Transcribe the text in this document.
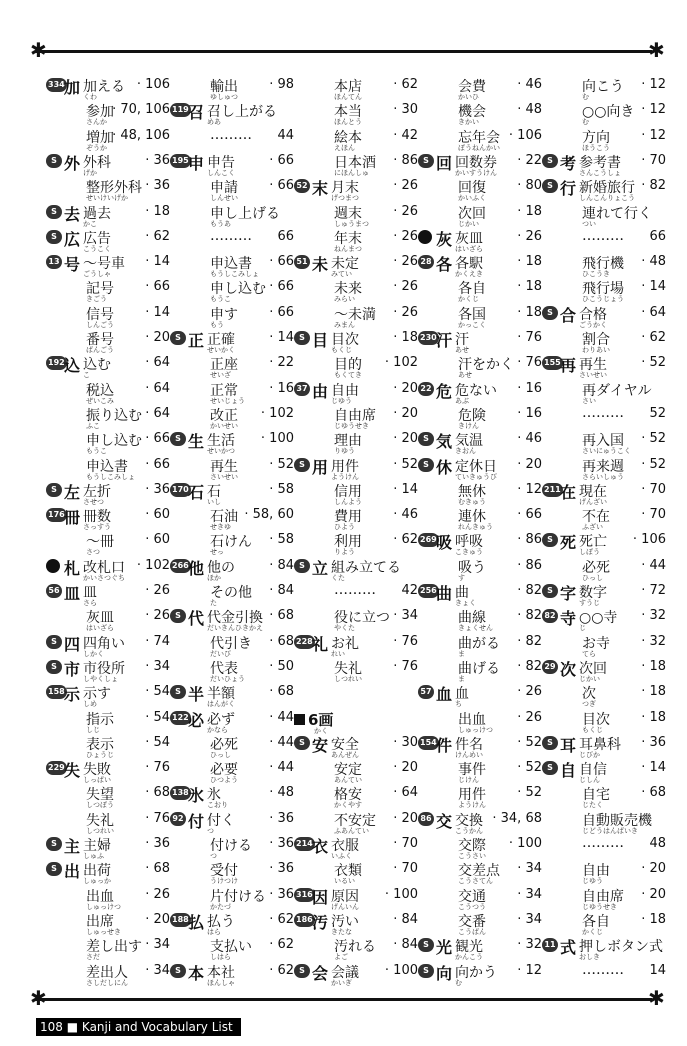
✱	✱
334 加 加える
くわ
· 106
参加
さんか
· 70, 106
増加
ぞうか
· 48, 106
S 外 外科
げか
· 36
整形外科
せいけいげか
· 36
S 去 過去
かこ
· 18
S 広 広告
こうこく
· 62
13 号 〜号車
ごうしゃ
· 14
記号
きごう
· 66
信号
しんごう
· 14
番号
ばんごう
· 20
192 込 込む
こ
· 64
税込
ぜいこみ
· 64
振り込む
ふこ
· 64
申し込む
もうこ
· 66
申込書
もうしこみしょ
· 66
S 左 左折
させつ
· 36
176 冊 冊数
さっすう
· 60
〜冊
さつ
· 60
札 改札口
かいさつぐち
· 102
56 皿 皿
さら
· 26
灰皿
はいざら
· 26
S 四 四角い
しかく
· 74
S 市 市役所
しやくしょ
· 34
158 示 示す
しめ
· 54
指示
しじ
· 54
表示
ひょうじ
· 54
229 失 失敗
しっぱい
· 76
失望
しつぼう
· 68
失礼
しつれい
· 76
S 主 主婦
しゅふ
· 36
S 出 出荷
しゅっか
· 68
出血
しゅっけつ
· 26
出席
しゅっせき
· 20
差し出す
さだ
· 34
差出人
さしだしにん
· 34
輸出
ゆしゅつ
· 98
119 召 召し上がる
めあ
……… 44
195 申 申告
しんこく
· 66
申請
しんせい
· 66
申し上げる
もうあ
……… 66
申込書
もうしこみしょ
· 66
申し込む
もうこ
· 66
申す
もう
· 66
S 正 正確
せいかく
· 14
正座
せいざ
· 22
正常
せいじょう
· 16
改正
かいせい
· 102
S 生 生活
せいかつ
· 100
再生
さいせい
· 52
170 石 石
いし
· 58
石油
せきゆ
· 58, 60
石けん
せっ
· 58
266 他 他の
ほか
· 84
その他
た
· 84
S 代 代金引換
だいきんひきかえ
· 68
代引き
だいび
· 68
代表
だいひょう
· 50
S 半 半額
はんがく
· 68
122 必 必ず
かなら
· 44
必死
ひっし
· 44
必要
ひつよう
· 44
138 氷 氷
こおり
· 48
92 付 付く
つ
· 36
付ける
つ
· 36
受付
うけつけ
· 36
片付ける
かたづ
· 36
188 払 払う
はら
· 62
支払い
しはら
· 62
S 本 本社
ほんしゃ
· 62
本店
ほんてん
· 62
本当
ほんとう
· 30
絵本
えほん
· 42
日本酒
にほんしゅ
· 86
52 末 月末
げつまつ
· 26
週末
しゅうまつ
· 26
年末
ねんまつ
· 26
51 未 未定
みてい
· 26
未来
みらい
· 26
〜未満
みまん
· 26
S 目 目次
もくじ
· 18
目的
もくてき
· 102
37 由 自由
じゆう
· 20
自由席
じゆうせき
· 20
理由
りゆう
· 20
S 用 用件
ようけん
· 52
信用
しんよう
· 14
費用
ひよう
· 46
利用
りよう
· 62
S 立 組み立てる
くた
……… 42
役に立つ
やくた
· 34
228 礼 お礼
れい
· 76
失礼
しつれい
· 76
6画
かく
S 安 安全
あんぜん
· 30
安定
あんてい
· 20
格安
かくやす
· 64
不安定
ふあんてい
· 20
214 衣 衣服
いふく
· 70
衣類
いるい
· 70
316 因 原因
げんいん
· 100
186 汚 汚い
きたな
· 84
汚れる
よご
· 84
S 会 会議
かいぎ
· 100
会費
かいひ
· 46
機会
きかい
· 48
忘年会
ぼうねんかい
· 106
S 回 回数券
かいすうけん
· 22
回復
かいふく
· 80
次回
じかい
· 18
灰 灰皿
はいざら
· 26
28 各 各駅
かくえき
· 18
各自
かくじ
· 18
各国
かっこく
· 18
230 汗 汗
あせ
· 76
汗をかく
あせ
· 76
22 危 危ない
あぶ
· 16
危険
きけん
· 16
S 気 気温
きおん
· 46
S 休 定休日
ていきゅうび
· 20
無休
むきゅう
· 12
連休
れんきゅう
· 66
269 吸 呼吸
こきゅう
· 86
吸う
す
· 86
256 曲 曲
きょく
· 82
曲線
きょくせん
· 82
曲がる
ま
· 82
曲げる
ま
· 82
57 血 血
ち
· 26
出血
しゅっけつ
· 26
154 件 件名
けんめい
· 52
事件
じけん
· 52
用件
ようけん
· 52
86 交 交換
こうかん
· 34, 68
交際
こうさい
· 100
交差点
こうさてん
· 34
交通
こうつう
· 34
交番
こうばん
· 34
S 光 観光
かんこう
· 32
S 向 向かう
む
· 12
向こう
む
· 12
○○向き
む
· 12
方向
ほうこう
· 12
S 考 参考書
さんこうしょ
· 70
S 行 新婚旅行
しんこんりょこう
· 82
連れて行く
つい
……… 66
飛行機
ひこうき
· 48
飛行場
ひこうじょう
· 14
S 合 合格
ごうかく
· 64
割合
わりあい
· 62
155 再 再生
さいせい
· 52
再ダイヤル
さい
……… 52
再入国
さいにゅうこく
· 52
再来週
さらいしゅう
· 52
211 在 現在
げんざい
· 70
不在
ふざい
· 70
S 死 死亡
しぼう
· 106
必死
ひっし
· 44
S 字 数字
すうじ
· 72
82 寺 ○○寺
じ
· 32
お寺
てら
· 32
29 次 次回
じかい
· 18
次
つぎ
· 18
目次
もくじ
· 18
S 耳 耳鼻科
じびか
· 36
S 自 自信
じしん
· 14
自宅
じたく
· 68
自動販売機
じどうはんばいき
……… 48
自由
じゆう
· 20
自由席
じゆうせき
· 20
各自
かくじ
· 18
11 式 押しボタン式
おしき
……… 14
✱	✱
108 ■ Kanji and Vocabulary List
